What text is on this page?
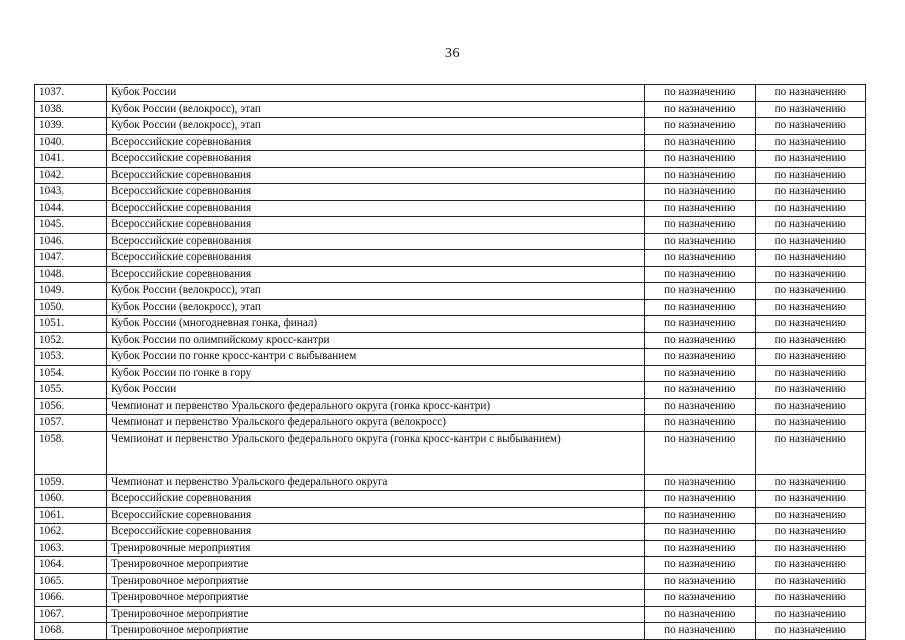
36
1037.	Кубок России	по назначению	по назначению
1038.	Кубок России (велокросс), этап	по назначению	по назначению
1039.	Кубок России (велокросс), этап	по назначению	по назначению
1040.	Всероссийские соревнования	по назначению	по назначению
1041.	Всероссийские соревнования	по назначению	по назначению
1042.	Всероссийские соревнования	по назначению	по назначению
1043.	Всероссийские соревнования	по назначению	по назначению
1044.	Всероссийские соревнования	по назначению	по назначению
1045.	Всероссийские соревнования	по назначению	по назначению
1046.	Всероссийские соревнования	по назначению	по назначению
1047.	Всероссийские соревнования	по назначению	по назначению
1048.	Всероссийские соревнования	по назначению	по назначению
1049.	Кубок России (велокросс), этап	по назначению	по назначению
1050.	Кубок России (велокросс), этап	по назначению	по назначению
1051.	Кубок России (многодневная гонка, финал)	по назначению	по назначению
1052.	Кубок России по олимпийскому кросс-кантри	по назначению	по назначению
1053.	Кубок России по гонке кросс-кантри с выбыванием	по назначению	по назначению
1054.	Кубок России по гонке в гору	по назначению	по назначению
1055.	Кубок России	по назначению	по назначению
1056.	Чемпионат и первенство Уральского федерального округа (гонка кросс-кантри)	по назначению	по назначению
1057.	Чемпионат и первенство Уральского федерального округа (велокросс)	по назначению	по назначению
1058.	Чемпионат и первенство Уральского федерального округа (гонка кросс-кантри с выбыванием)	по назначению	по назначению
1059.	Чемпионат и первенство Уральского федерального округа	по назначению	по назначению
1060.	Всероссийские соревнования	по назначению	по назначению
1061.	Всероссийские соревнования	по назначению	по назначению
1062.	Всероссийские соревнования	по назначению	по назначению
1063.	Тренировочные мероприятия	по назначению	по назначению
1064.	Тренировочное мероприятие	по назначению	по назначению
1065.	Тренировочное мероприятие	по назначению	по назначению
1066.	Тренировочное мероприятие	по назначению	по назначению
1067.	Тренировочное мероприятие	по назначению	по назначению
1068.	Тренировочное мероприятие	по назначению	по назначению
